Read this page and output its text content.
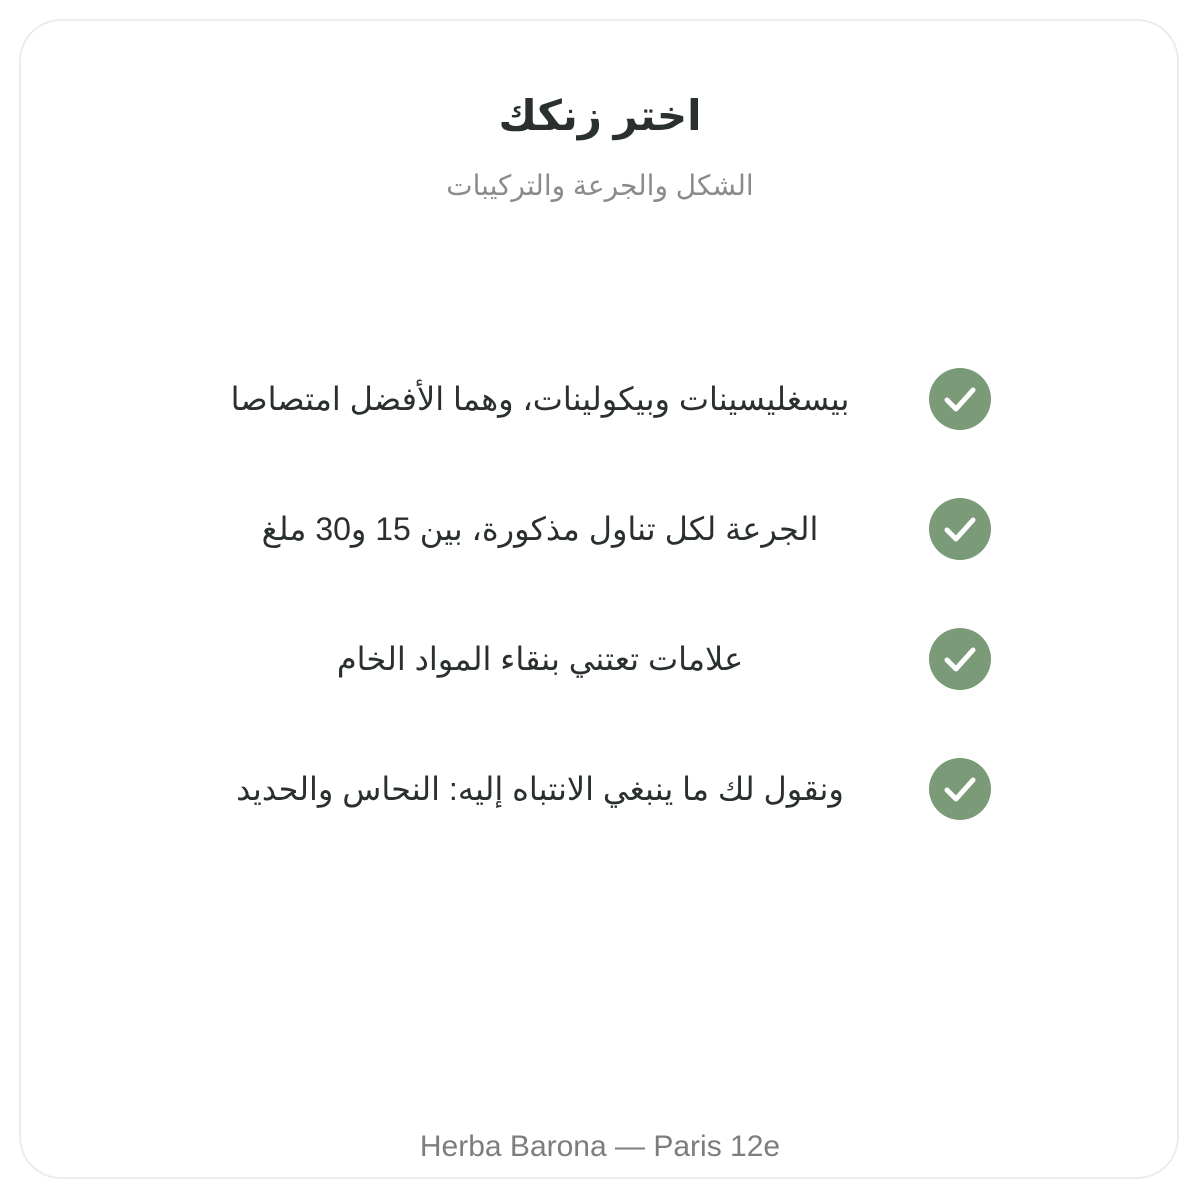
اختر زنكك
الشكل والجرعة والتركيبات
بيسغليسينات وبيكولينات، وهما الأفضل امتصاصا
الجرعة لكل تناول مذكورة، بين 15 و30 ملغ
علامات تعتني بنقاء المواد الخام
ونقول لك ما ينبغي الانتباه إليه: النحاس والحديد
Herba Barona — Paris 12e
